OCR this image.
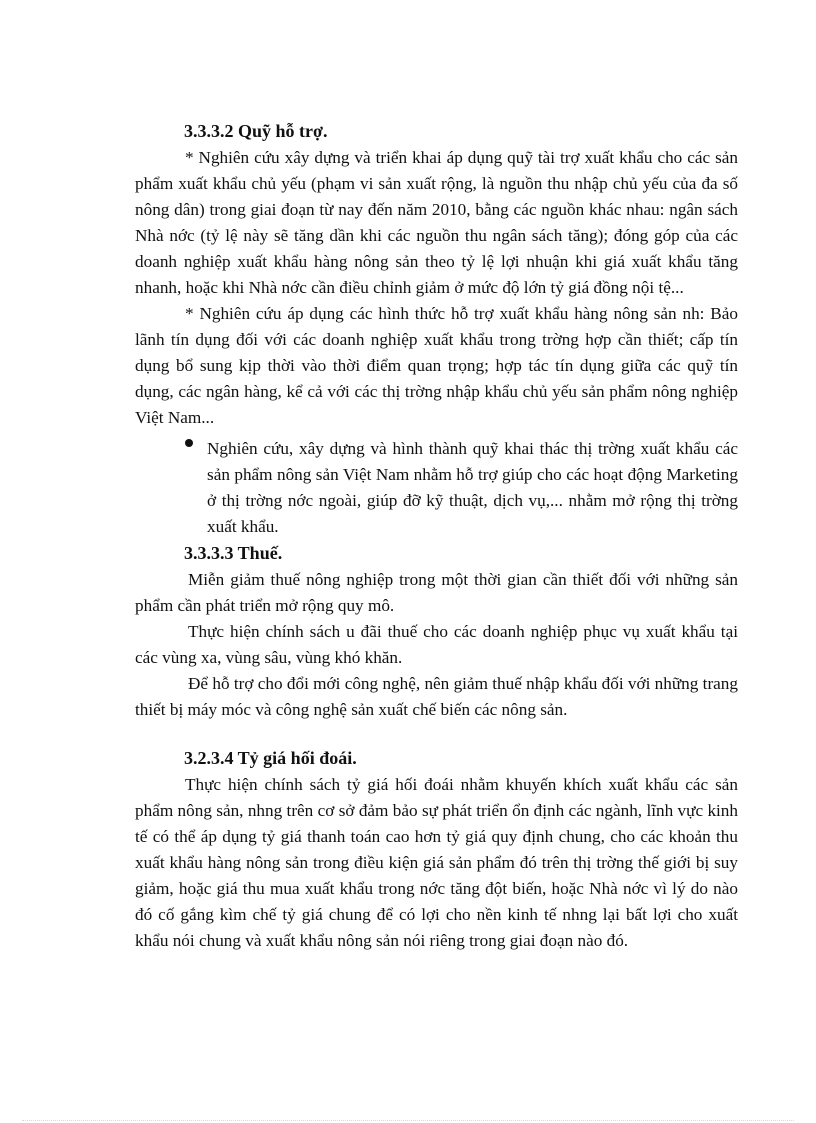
3.3.3.2 Quỹ hỗ trợ.

* Nghiên cứu xây dựng và triển khai áp dụng quỹ tài trợ xuất khẩu cho các sản phẩm xuất khẩu chủ yếu (phạm vi sản xuất rộng, là nguồn thu nhập chủ yếu của đa số nông dân) trong giai đoạn từ nay đến năm 2010, bằng các nguồn khác nhau: ngân sách Nhà nớc (tỷ lệ này sẽ tăng dần khi các nguồn thu ngân sách tăng); đóng góp của các doanh nghiệp xuất khẩu hàng nông sản theo tỷ lệ lợi nhuận khi giá xuất khẩu tăng nhanh, hoặc khi Nhà nớc cần điều chỉnh giảm ở mức độ lớn tỷ giá đồng nội tệ...

* Nghiên cứu áp dụng các hình thức hỗ trợ xuất khẩu hàng nông sản nh: Bảo lãnh tín dụng đối với các doanh nghiệp xuất khẩu trong trờng hợp cần thiết; cấp tín dụng bổ sung kịp thời vào thời điểm quan trọng; hợp tác tín dụng giữa các quỹ tín dụng, các ngân hàng, kể cả với các thị trờng nhập khẩu chủ yếu sản phẩm nông nghiệp Việt Nam...

Nghiên cứu, xây dựng và hình thành quỹ khai thác thị trờng xuất khẩu các sản phẩm nông sản Việt Nam nhằm hỗ trợ giúp cho các hoạt động Marketing ở thị trờng nớc ngoài, giúp đỡ kỹ thuật, dịch vụ,... nhằm mở rộng thị trờng xuất khẩu.
3.3.3.3 Thuế.

Miễn giảm thuế nông nghiệp trong một thời gian cần thiết đối với những sản phẩm cần phát triển mở rộng quy mô.

Thực hiện chính sách u đãi thuế cho các doanh nghiệp phục vụ xuất khẩu tại các vùng xa, vùng sâu, vùng khó khăn.

Để hỗ trợ cho đổi mới công nghệ, nên giảm thuế nhập khẩu đối với những trang thiết bị máy móc và công nghệ sản xuất chế biến các nông sản.

3.2.3.4 Tỷ giá hối đoái.

Thực hiện chính sách tỷ giá hối đoái nhằm khuyến khích xuất khẩu các sản phẩm nông sản, nhng trên cơ sở đảm bảo sự phát triển ổn định các ngành, lĩnh vực kinh tế có thể áp dụng tỷ giá thanh toán cao hơn tỷ giá quy định chung, cho các khoản thu xuất khẩu hàng nông sản trong điều kiện giá sản phẩm đó trên thị trờng thế giới bị suy giảm, hoặc giá thu mua xuất khẩu trong nớc tăng đột biến, hoặc Nhà nớc vì lý do nào đó cố gắng kìm chế tỷ giá chung để có lợi cho nền kinh tế nhng lại bất lợi cho xuất khẩu nói chung và xuất khẩu nông sản nói riêng trong giai đoạn nào đó.
